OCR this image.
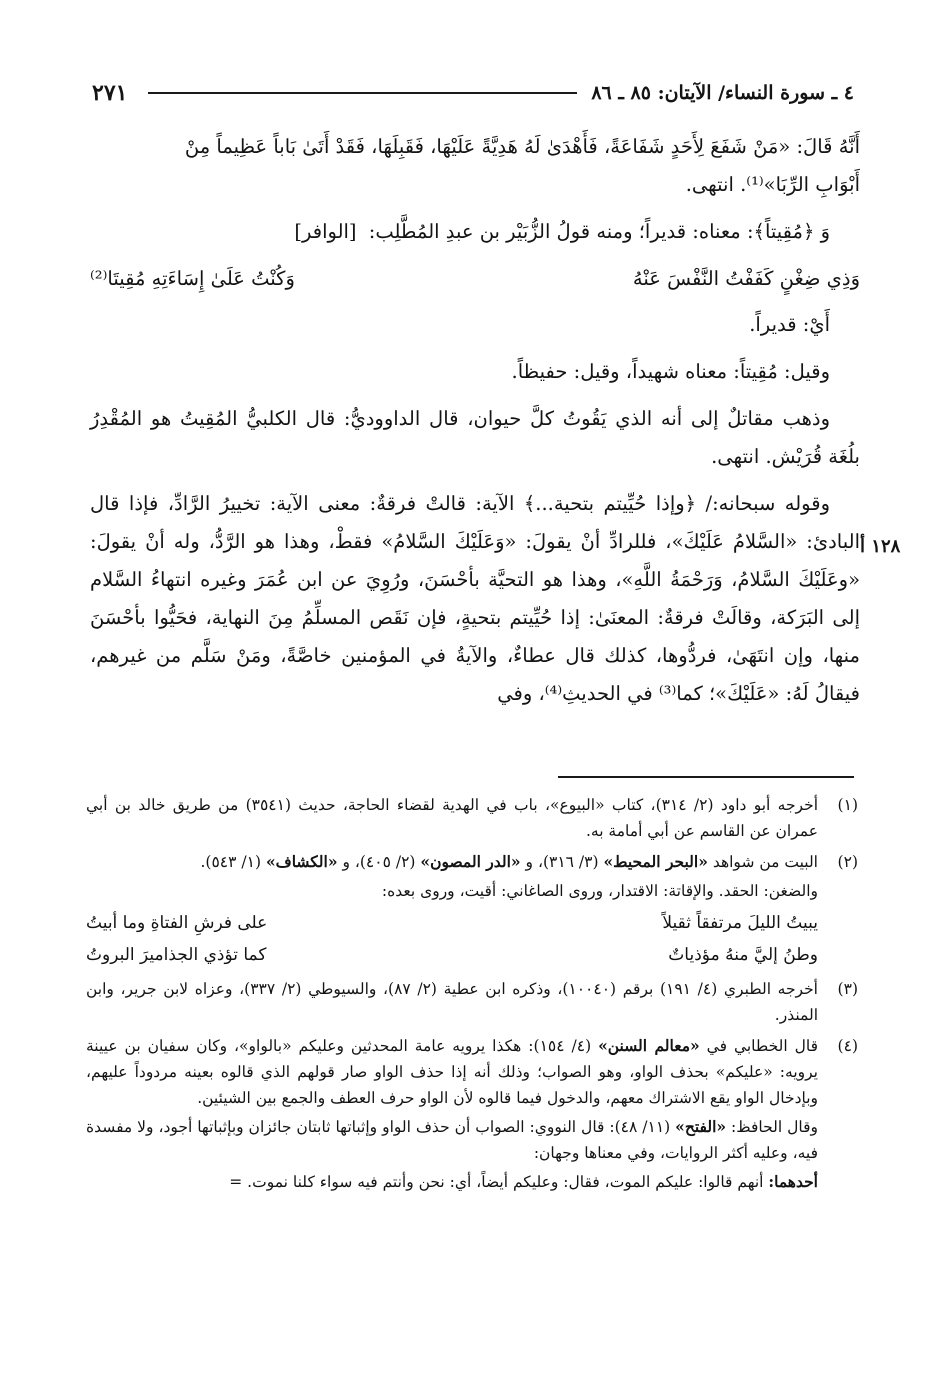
٢٧١	٤ ـ سورة النساء/ الآيتان: ٨٥ ـ ٨٦

أَنَّهُ قَالَ: «مَنْ شَفَعَ لِأَحَدٍ شَفَاعَةً، فَأَهْدَىٰ لَهُ هَدِيَّةً عَلَيْهَا، فَقَبِلَهَا، فَقَدْ أَتَىٰ بَاباً عَظِيماً مِنْ
أَبْوَابِ الرِّبَا»⁽¹⁾. انتهى.

وَ ﴿مُقِيتاً﴾: معناه: قديراً؛ ومنه قولُ الزُّبَيْر بن عبدِ المُطَّلِب: [الوافر]

وَذِي ضِغْنٍ كَفَفْتُ النَّفْسَ عَنْهُ
وَكُنْتُ عَلَىٰ إِسَاءَتِهِ مُقِيتَا⁽²⁾

أَيْ: قديراً.

وقيل: مُقِيتاً: معناه شهيداً، وقيل: حفيظاً.

وذهب مقاتلٌ إلى أنه الذي يَقُوتُ كلَّ حيوان، قال الداووديُّ: قال الكلبيُّ المُقِيتُ هو المُقْدِرُ بلُغَة قُرَيْش. انتهى.

وقوله سبحانه:/ ﴿وإذا حُيِّيتم بتحية...﴾ الآية: قالتْ فرقةٌ: معنى الآية: تخييرُ الرَّادِّ، فإذا قال البادئ: «السَّلامُ عَلَيْكَ»، فللرادِّ أنْ يقولَ: «وَعَلَيْكَ السَّلامُ» فقطْ، وهذا هو الرَّدُّ، وله أنْ يقولَ: «وعَلَيْكَ السَّلامُ، وَرَحْمَةُ اللَّهِ»، وهذا هو التحيَّة بأحْسَنَ، ورُوِيَ عن ابن عُمَرَ وغيره انتهاءُ السَّلام إلى البَرَكة، وقالَتْ فرقةٌ: المعنَىٰ: إذا حُيِّيتم بتحيةٍ، فإن نَقَص المسلِّمُ مِنَ النهاية، فحَيُّوا بأحْسَنَ منها، وإن انتَهَىٰ، فردُّوها، كذلك قال عطاءٌ، والآيةُ في المؤمنين خاصَّةً، ومَنْ سَلَّم من غيرهم، فيقالُ لَهُ: «عَلَيْكَ»؛ كما⁽³⁾ في الحديثِ⁽⁴⁾، وفي

١٢٨ أ
(١)
أخرجه أبو داود (٢/ ٣١٤)، كتاب «البيوع»، باب في الهدية لقضاء الحاجة، حديث (٣٥٤١) من طريق خالد بن أبي عمران عن القاسم عن أبي أمامة به.
(٢)

البيت من شواهد «البحر المحيط» (٣/ ٣١٦)، و «الدر المصون» (٢/ ٤٠٥)، و «الكشاف» (١/ ٥٤٣).

والضغن: الحقد. والإقاتة: الاقتدار، وروى الصاغاني: أقيت، وروى بعده:

يبيتُ الليلَ مرتفقاً ثقيلاً
على فرشِ الفتاةِ وما أبيتُ
وطنُ إليَّ منهُ مؤذياتٌ
كما تؤذي الجذاميرَ البروتُ
(٣)
أخرجه الطبري (٤/ ١٩١) برقم (١٠٠٤٠)، وذكره ابن عطية (٢/ ٨٧)، والسيوطي (٢/ ٣٣٧)، وعزاه لابن جرير، وابن المنذر.
(٤)

قال الخطابي في «معالم السنن» (٤/ ١٥٤): هكذا يرويه عامة المحدثين وعليكم «بالواو»، وكان سفيان بن عيينة يرويه: «عليكم» بحذف الواو، وهو الصواب؛ وذلك أنه إذا حذف الواو صار قولهم الذي قالوه بعينه مردوداً عليهم، وبإدخال الواو يقع الاشتراك معهم، والدخول فيما قالوه لأن الواو حرف العطف والجمع بين الشيئين.

وقال الحافظ: «الفتح» (١١/ ٤٨): قال النووي: الصواب أن حذف الواو وإثباتها ثابتان جائزان وبإثباتها أجود، ولا مفسدة فيه، وعليه أكثر الروايات، وفي معناها وجهان:

أحدهما: أنهم قالوا: عليكم الموت، فقال: وعليكم أيضاً، أي: نحن وأنتم فيه سواء كلنا نموت. =
